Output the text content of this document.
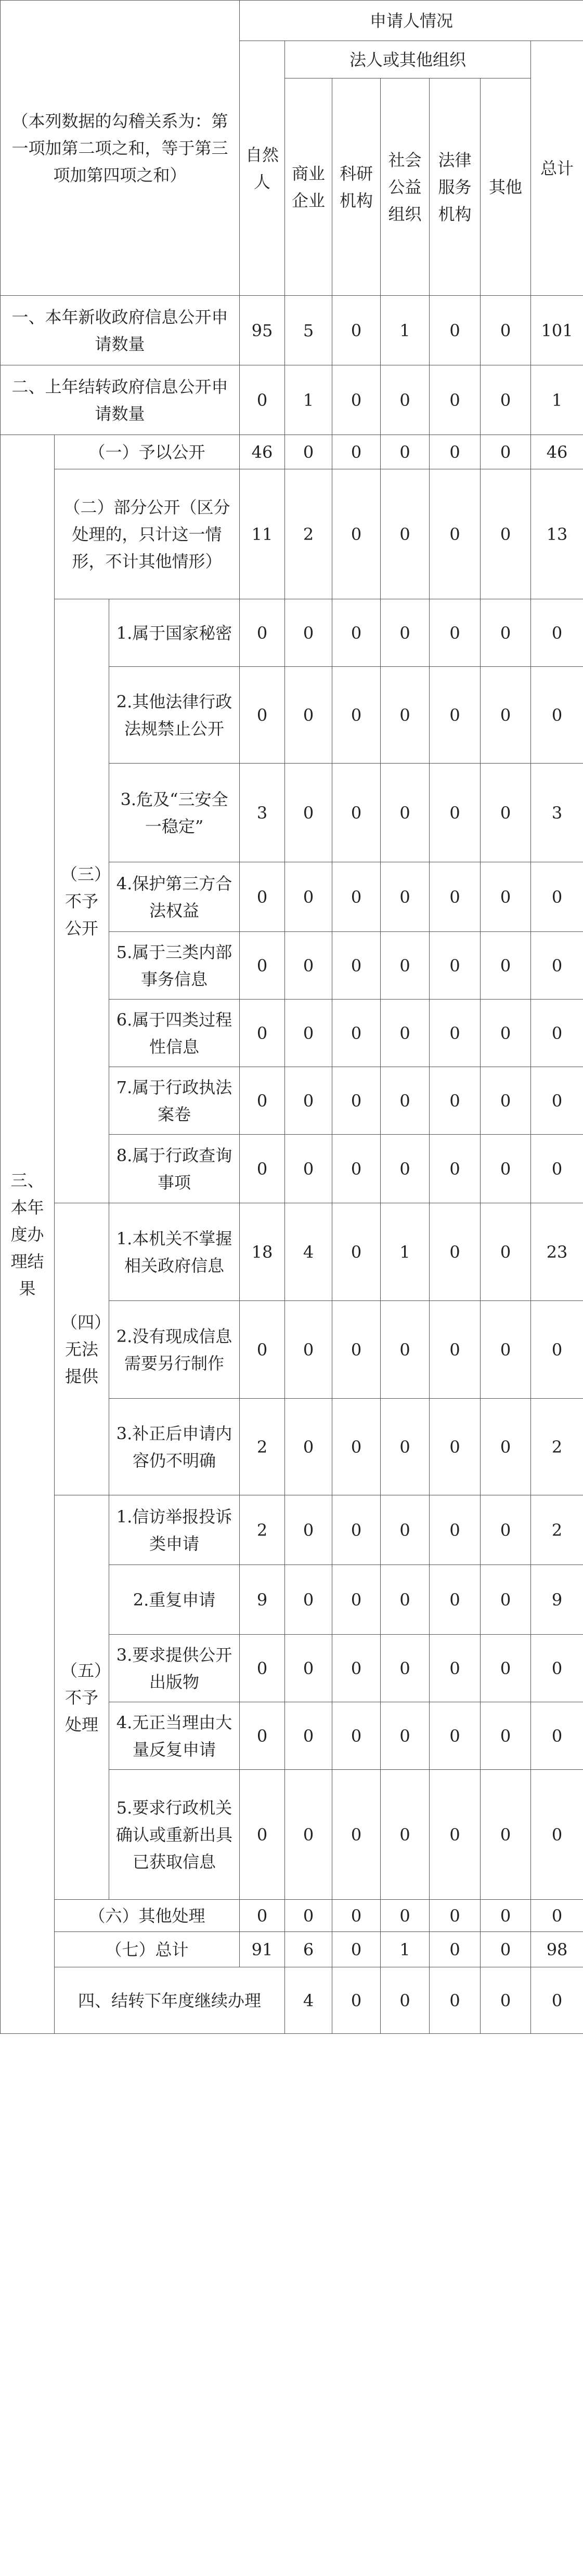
（本列数据的勾稽关系为：第一项加第二项之和，等于第三项加第四项之和）			申请人情况							
			自然人	法人或其他组织					总计	
				商业企业	科研机构	社会公益组织	法律服务机构	其他		
一、本年新收政府信息公开申请数量			95	5	0	1	0	0	101	
二、上年结转政府信息公开申请数量			0	1	0	0	0	0	1	
三、本年度办理结果	（一）予以公开		46	0	0	0	0	0	46	
	（二）部分公开（区分处理的，只计这一情形，不计其他情形）		11	2	0	0	0	0	13	
	（三）不予公开	1.属于国家秘密	0	0	0	0	0	0	0	
		2.其他法律行政法规禁止公开	0	0	0	0	0	0	0	
		3.危及“三安全一稳定”	3	0	0	0	0	0	3	
		4.保护第三方合法权益	0	0	0	0	0	0	0	
		5.属于三类内部事务信息	0	0	0	0	0	0	0	
		6.属于四类过程性信息	0	0	0	0	0	0	0	
		7.属于行政执法案卷	0	0	0	0	0	0	0	
		8.属于行政查询事项	0	0	0	0	0	0	0	
	（四）无法提供	1.本机关不掌握相关政府信息	18	4	0	1	0	0	23	
		2.没有现成信息需要另行制作	0	0	0	0	0	0	0	
		3.补正后申请内容仍不明确	2	0	0	0	0	0	2	
	（五）不予处理	1.信访举报投诉类申请	2	0	0	0	0	0	2	
		2.重复申请	9	0	0	0	0	0	9	
		3.要求提供公开出版物	0	0	0	0	0	0	0	
		4.无正当理由大量反复申请	0	0	0	0	0	0	0	
		5.要求行政机关确认或重新出具已获取信息	0	0	0	0	0	0	0	
	（六）其他处理		0	0	0	0	0	0	0	
	（七）总计		91	6	0	1	0	0	98	
	四、结转下年度继续办理			4	0	0	0	0	0	
